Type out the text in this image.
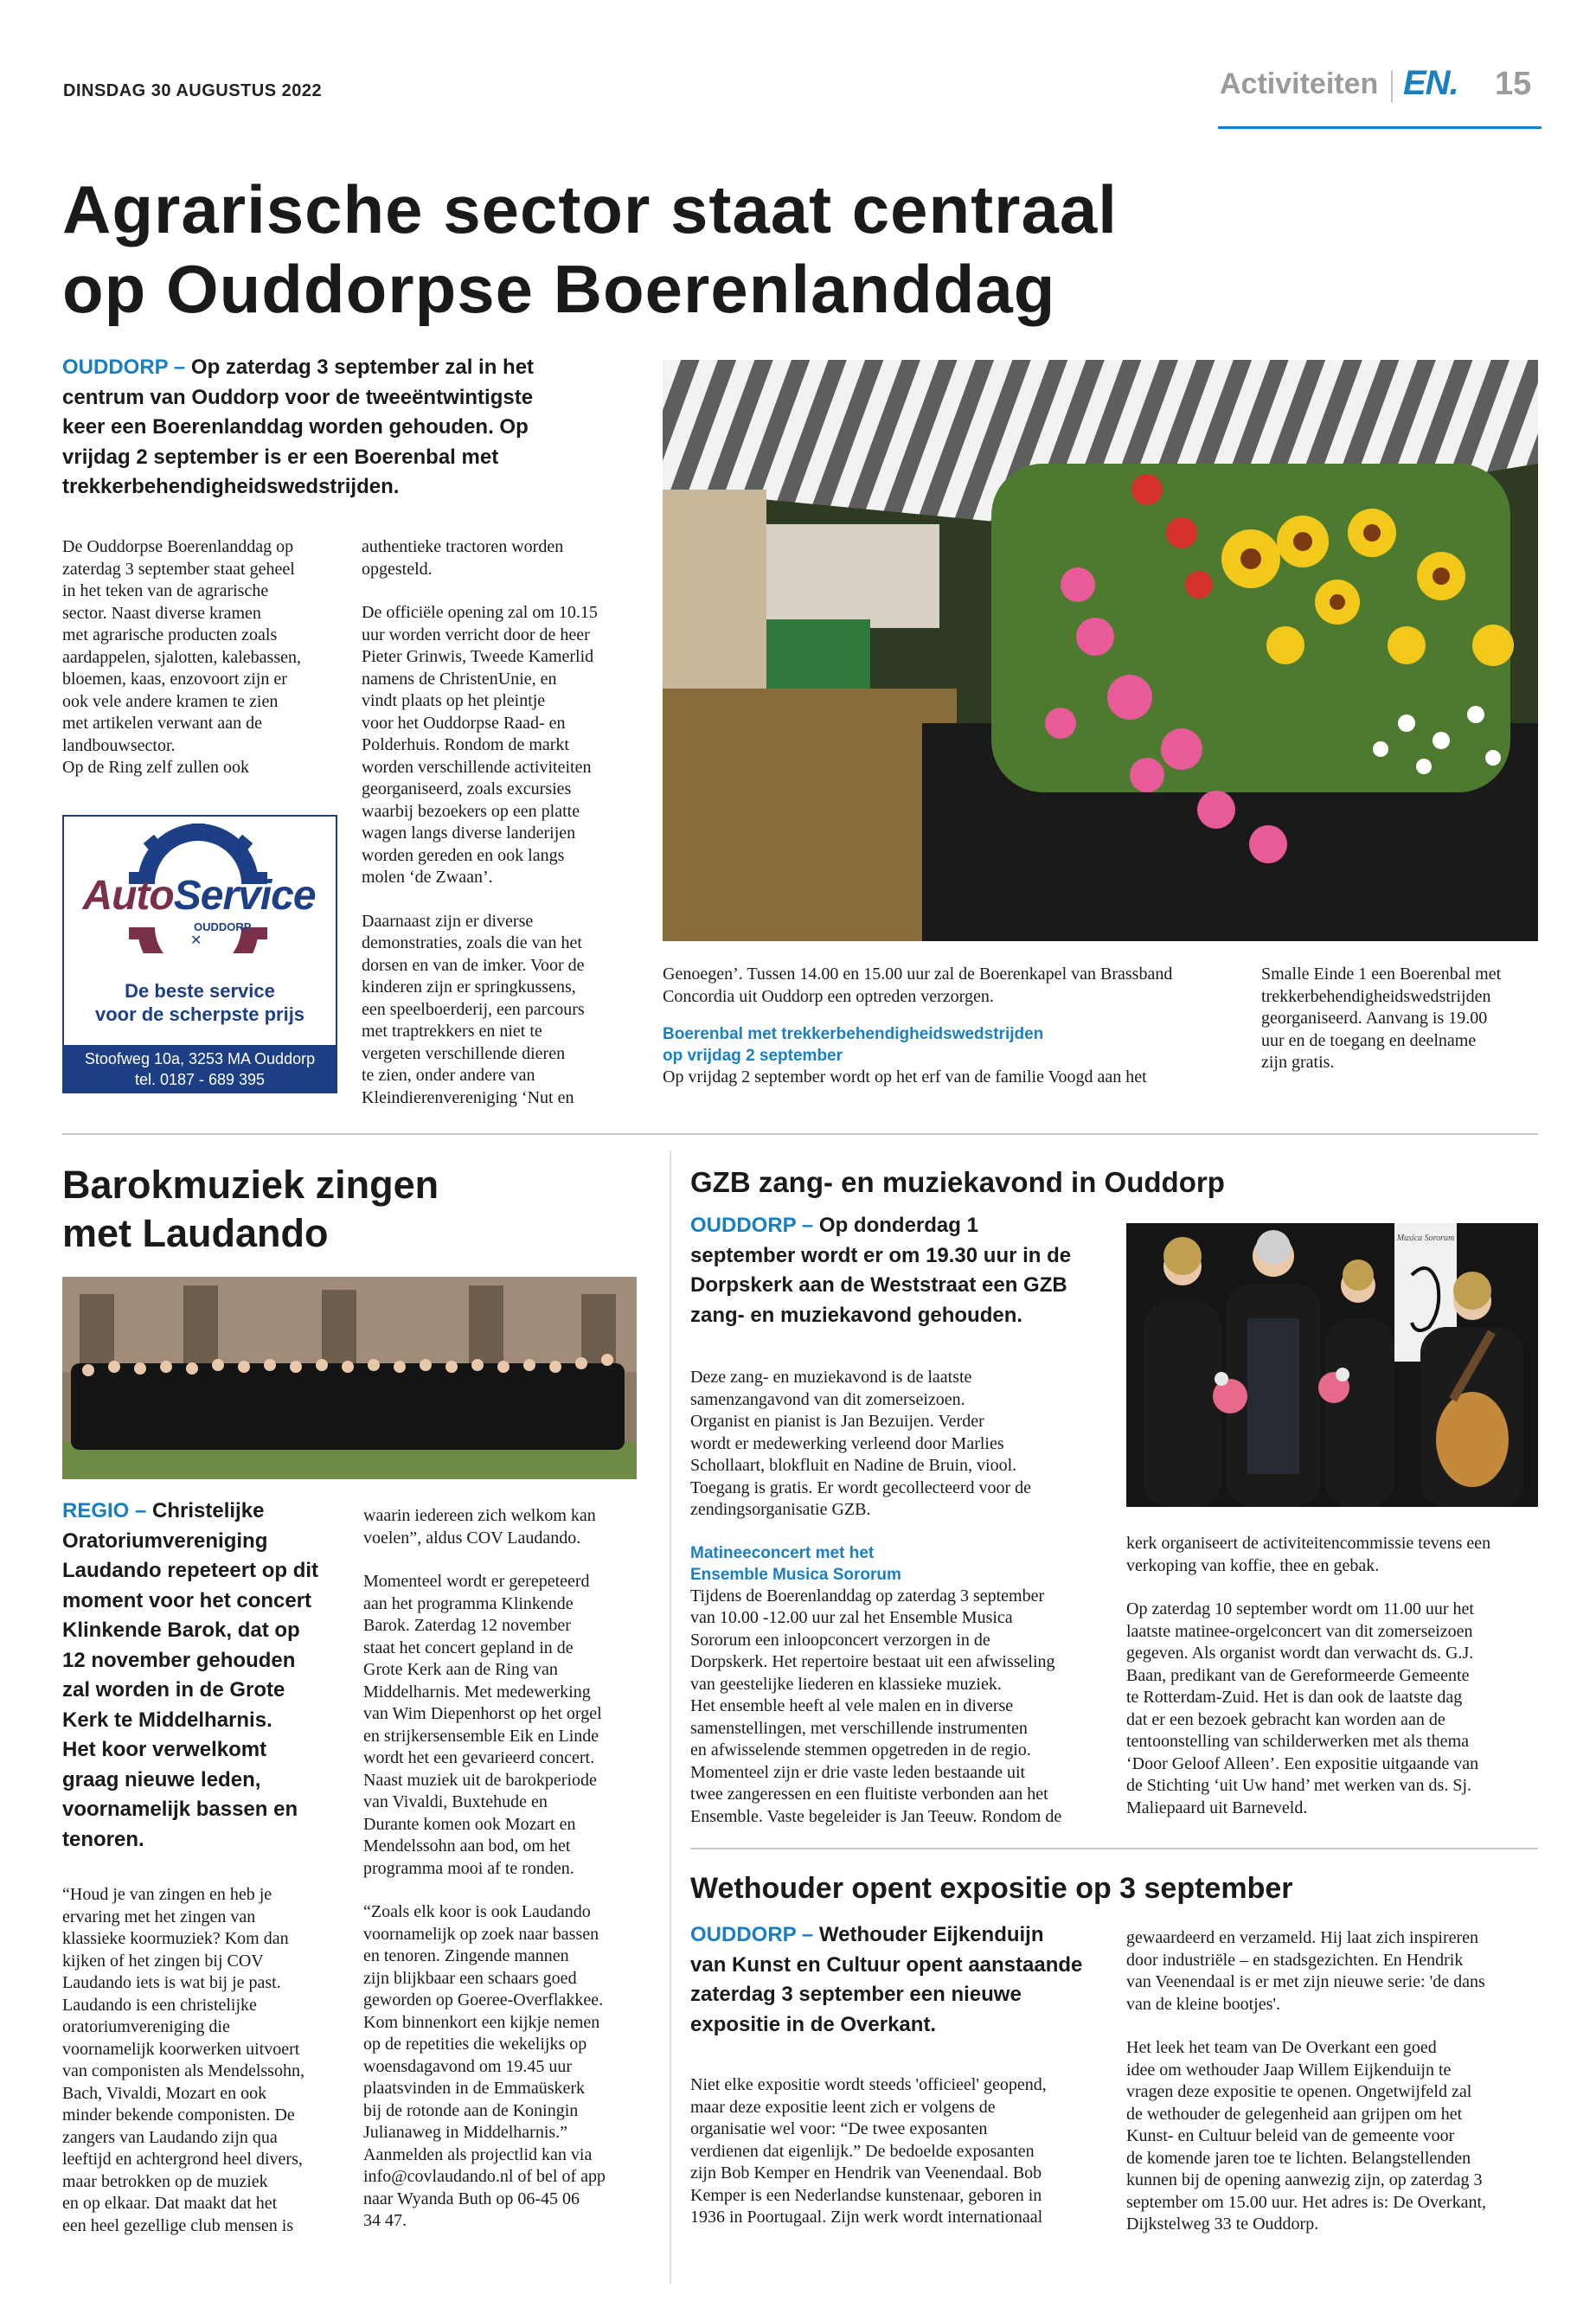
DINSDAG 30 AUGUSTUS 2022	Activiteiten EN. 15
Agrarische sector staat centraal
op Ouddorpse Boerenlanddag
OUDDORP – Op zaterdag 3 september zal in het
centrum van Ouddorp voor de tweeëntwintigste
keer een Boerenlanddag worden gehouden. Op
vrijdag 2 september is er een Boerenbal met
trekkerbehendigheidswedstrijden.

De Ouddorpse Boerenlanddag op
zaterdag 3 september staat geheel
in het teken van de agrarische
sector. Naast diverse kramen
met agrarische producten zoals
aardappelen, sjalotten, kalebassen,
bloemen, kaas, enzovoort zijn er
ook vele andere kramen te zien
met artikelen verwant aan de
landbouwsector.
Op de Ring zelf zullen ook

AutoService
OUDDORP
✕
De beste service
voor de scherpste prijs
Stoofweg 10a, 3253 MA Ouddorp
tel. 0187 - 689 395

authentieke tractoren worden
opgesteld.

De officiële opening zal om 10.15
uur worden verricht door de heer
Pieter Grinwis, Tweede Kamerlid
namens de ChristenUnie, en
vindt plaats op het pleintje
voor het Ouddorpse Raad- en
Polderhuis. Rondom de markt
worden verschillende activiteiten
georganiseerd, zoals excursies
waarbij bezoekers op een platte
wagen langs diverse landerijen
worden gereden en ook langs
molen ‘de Zwaan’.

Daarnaast zijn er diverse
demonstraties, zoals die van het
dorsen en van de imker. Voor de
kinderen zijn er springkussens,
een speelboerderij, een parcours
met traptrekkers en niet te
vergeten verschillende dieren
te zien, onder andere van
Kleindierenvereniging ‘Nut en

Genoegen’. Tussen 14.00 en 15.00 uur zal de Boerenkapel van Brassband
Concordia uit Ouddorp een optreden verzorgen.

Boerenbal met trekkerbehendigheidswedstrijden
op vrijdag 2 september

Op vrijdag 2 september wordt op het erf van de familie Voogd aan het

Smalle Einde 1 een Boerenbal met
trekkerbehendigheidswedstrijden
georganiseerd. Aanvang is 19.00
uur en de toegang en deelname
zijn gratis.

Barokmuziek zingen
met Laudando
REGIO – Christelijke
Oratoriumvereniging
Laudando repeteert op dit
moment voor het concert
Klinkende Barok, dat op
12 november gehouden
zal worden in de Grote
Kerk te Middelharnis.
Het koor verwelkomt
graag nieuwe leden,
voornamelijk bassen en
tenoren.

“Houd je van zingen en heb je
ervaring met het zingen van
klassieke koormuziek? Kom dan
kijken of het zingen bij COV
Laudando iets is wat bij je past.
Laudando is een christelijke
oratoriumvereniging die
voornamelijk koorwerken uitvoert
van componisten als Mendelssohn,
Bach, Vivaldi, Mozart en ook
minder bekende componisten. De
zangers van Laudando zijn qua
leeftijd en achtergrond heel divers,
maar betrokken op de muziek
en op elkaar. Dat maakt dat het
een heel gezellige club mensen is

waarin iedereen zich welkom kan
voelen”, aldus COV Laudando.

Momenteel wordt er gerepeteerd
aan het programma Klinkende
Barok. Zaterdag 12 november
staat het concert gepland in de
Grote Kerk aan de Ring van
Middelharnis. Met medewerking
van Wim Diepenhorst op het orgel
en strijkersensemble Eik en Linde
wordt het een gevarieerd concert.
Naast muziek uit de barokperiode
van Vivaldi, Buxtehude en
Durante komen ook Mozart en
Mendelssohn aan bod, om het
programma mooi af te ronden.

“Zoals elk koor is ook Laudando
voornamelijk op zoek naar bassen
en tenoren. Zingende mannen
zijn blijkbaar een schaars goed
geworden op Goeree-Overflakkee.
Kom binnenkort een kijkje nemen
op de repetities die wekelijks op
woensdagavond om 19.45 uur
plaatsvinden in de Emmaüskerk
bij de rotonde aan de Koningin
Julianaweg in Middelharnis.”
Aanmelden als projectlid kan via
info@covlaudando.nl of bel of app
naar Wyanda Buth op 06-45 06
34 47.

GZB zang- en muziekavond in Ouddorp
OUDDORP – Op donderdag 1
september wordt er om 19.30 uur in de
Dorpskerk aan de Weststraat een GZB
zang- en muziekavond gehouden.
Musica Sororum

Deze zang- en muziekavond is de laatste
samenzangavond van dit zomerseizoen.
Organist en pianist is Jan Bezuijen. Verder
wordt er medewerking verleend door Marlies
Schollaart, blokfluit en Nadine de Bruin, viool.
Toegang is gratis. Er wordt gecollecteerd voor de
zendingsorganisatie GZB.

Matineeconcert met het
Ensemble Musica Sororum

Tijdens de Boerenlanddag op zaterdag 3 september
van 10.00 -12.00 uur zal het Ensemble Musica
Sororum een inloopconcert verzorgen in de
Dorpskerk. Het repertoire bestaat uit een afwisseling
van geestelijke liederen en klassieke muziek.
Het ensemble heeft al vele malen en in diverse
samenstellingen, met verschillende instrumenten
en afwisselende stemmen opgetreden in de regio.
Momenteel zijn er drie vaste leden bestaande uit
twee zangeressen en een fluitiste verbonden aan het
Ensemble. Vaste begeleider is Jan Teeuw. Rondom de

kerk organiseert de activiteitencommissie tevens een
verkoping van koffie, thee en gebak.

Op zaterdag 10 september wordt om 11.00 uur het
laatste matinee-orgelconcert van dit zomerseizoen
gegeven. Als organist wordt dan verwacht ds. G.J.
Baan, predikant van de Gereformeerde Gemeente
te Rotterdam-Zuid. Het is dan ook de laatste dag
dat er een bezoek gebracht kan worden aan de
tentoonstelling van schilderwerken met als thema
‘Door Geloof Alleen’. Een expositie uitgaande van
de Stichting ‘uit Uw hand’ met werken van ds. Sj.
Maliepaard uit Barneveld.

Wethouder opent expositie op 3 september
OUDDORP – Wethouder Eijkenduijn
van Kunst en Cultuur opent aanstaande
zaterdag 3 september een nieuwe
expositie in de Overkant.

Niet elke expositie wordt steeds 'officieel' geopend,
maar deze expositie leent zich er volgens de
organisatie wel voor: “De twee exposanten
verdienen dat eigenlijk.” De bedoelde exposanten
zijn Bob Kemper en Hendrik van Veenendaal. Bob
Kemper is een Nederlandse kunstenaar, geboren in
1936 in Poortugaal. Zijn werk wordt internationaal

gewaardeerd en verzameld. Hij laat zich inspireren
door industriële – en stadsgezichten. En Hendrik
van Veenendaal is er met zijn nieuwe serie: 'de dans
van de kleine bootjes'.

Het leek het team van De Overkant een goed
idee om wethouder Jaap Willem Eijkenduijn te
vragen deze expositie te openen. Ongetwijfeld zal
de wethouder de gelegenheid aan grijpen om het
Kunst- en Cultuur beleid van de gemeente voor
de komende jaren toe te lichten. Belangstellenden
kunnen bij de opening aanwezig zijn, op zaterdag 3
september om 15.00 uur. Het adres is: De Overkant,
Dijkstelweg 33 te Ouddorp.
